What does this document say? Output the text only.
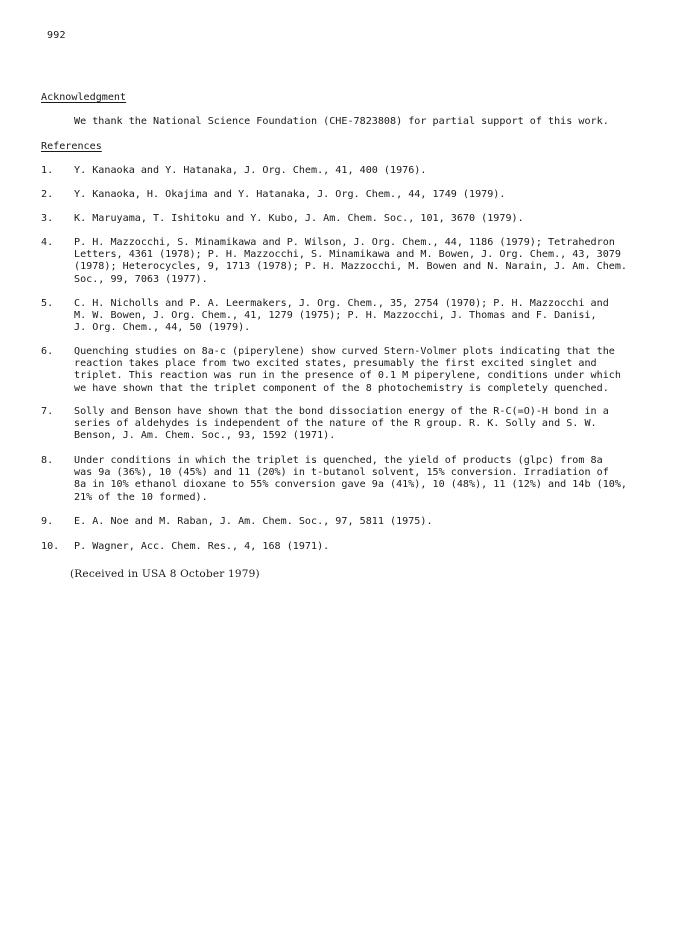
992
Acknowledgment
We thank the National Science Foundation (CHE-7823808) for partial support of this work.
References
1.	Y. Kanaoka and Y. Hatanaka, J. Org. Chem., 41, 400 (1976).
2.	Y. Kanaoka, H. Okajima and Y. Hatanaka, J. Org. Chem., 44, 1749 (1979).
3.	K. Maruyama, T. Ishitoku and Y. Kubo, J. Am. Chem. Soc., 101, 3670 (1979).
4.	P. H. Mazzocchi, S. Minamikawa and P. Wilson, J. Org. Chem., 44, 1186 (1979); Tetrahedron
Letters, 4361 (1978); P. H. Mazzocchi, S. Minamikawa and M. Bowen, J. Org. Chem., 43, 3079
(1978); Heterocycles, 9, 1713 (1978); P. H. Mazzocchi, M. Bowen and N. Narain, J. Am. Chem.
Soc., 99, 7063 (1977).
5.	C. H. Nicholls and P. A. Leermakers, J. Org. Chem., 35, 2754 (1970); P. H. Mazzocchi and
M. W. Bowen, J. Org. Chem., 41, 1279 (1975); P. H. Mazzocchi, J. Thomas and F. Danisi,
J. Org. Chem., 44, 50 (1979).
6.	Quenching studies on 8a-c (piperylene) show curved Stern-Volmer plots indicating that the
reaction takes place from two excited states, presumably the first excited singlet and
triplet. This reaction was run in the presence of 0.1 M piperylene, conditions under which
we have shown that the triplet component of the 8 photochemistry is completely quenched.
7.	Solly and Benson have shown that the bond dissociation energy of the R-C(=O)-H bond in a
series of aldehydes is independent of the nature of the R group. R. K. Solly and S. W.
Benson, J. Am. Chem. Soc., 93, 1592 (1971).
8.	Under conditions in which the triplet is quenched, the yield of products (glpc) from 8a
was 9a (36%), 10 (45%) and 11 (20%) in t-butanol solvent, 15% conversion. Irradiation of
8a in 10% ethanol dioxane to 55% conversion gave 9a (41%), 10 (48%), 11 (12%) and 14b (10%,
21% of the 10 formed).
9.	E. A. Noe and M. Raban, J. Am. Chem. Soc., 97, 5811 (1975).
10.	P. Wagner, Acc. Chem. Res., 4, 168 (1971).
(Received in USA 8 October 1979)
